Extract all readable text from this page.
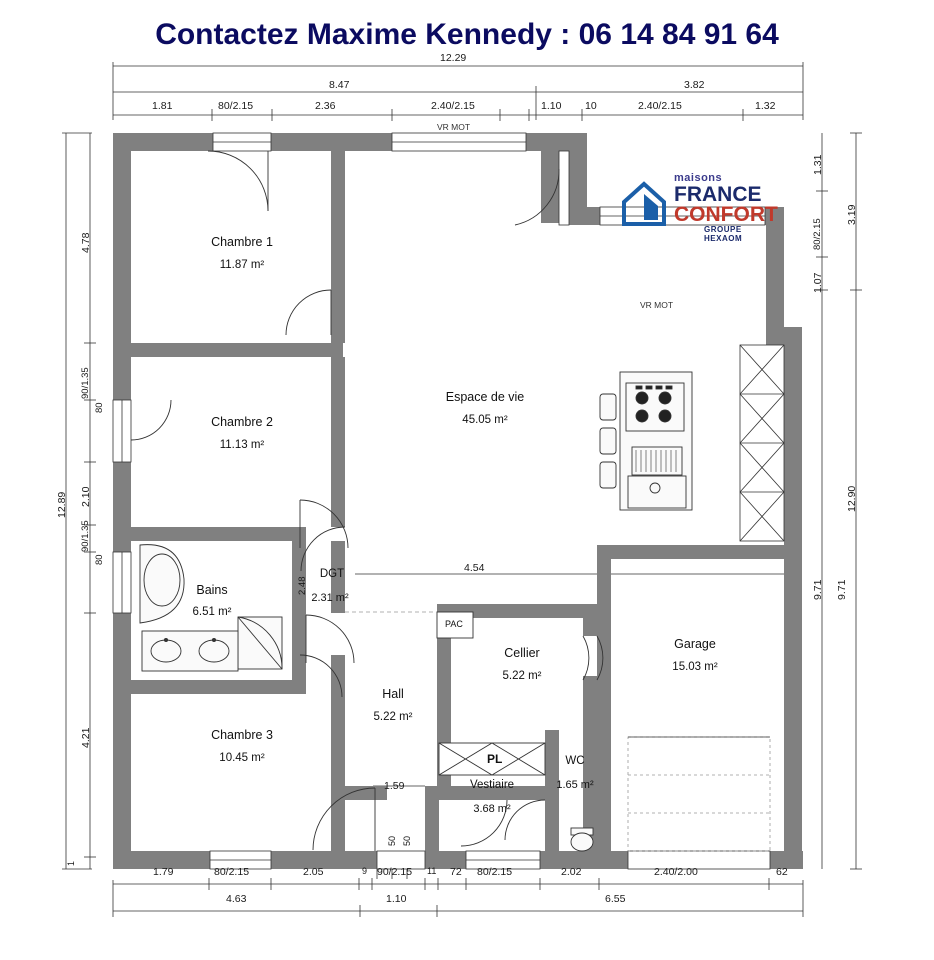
Contactez Maxime Kennedy : 06 14 84 91 64
maisons
FRANCE
CONFORT
GROUPE HEXAOM
Chambre 1
11.87 m²
Chambre 2
11.13 m²
Chambre 3
10.45 m²
Espace de vie
45.05 m²
Bains
6.51 m²
DGT
2.31 m²
Hall
5.22 m²
Cellier
5.22 m²
Vestiaire
3.68 m²
WC
1.65 m²
Garage
15.03 m²
VR MOT
VR MOT
PAC
PL
12.29
8.47	3.82
1.81	80/2.15	2.36	2.40/2.15	1.10 10	2.40/2.15	1.32
1.79	80/2.15	2.05	9 90/2.15 11 72 80/2.15	2.02	2.40/2.00	62
4.63	1.10	6.55
50 50
12.89
4.78
90/1.35
80
2.10
90/1.35
80
4.21
1
1.31
80/2.15
1.07
9.71
3.19
12.90
9.71
4.54
2.48
1.59
